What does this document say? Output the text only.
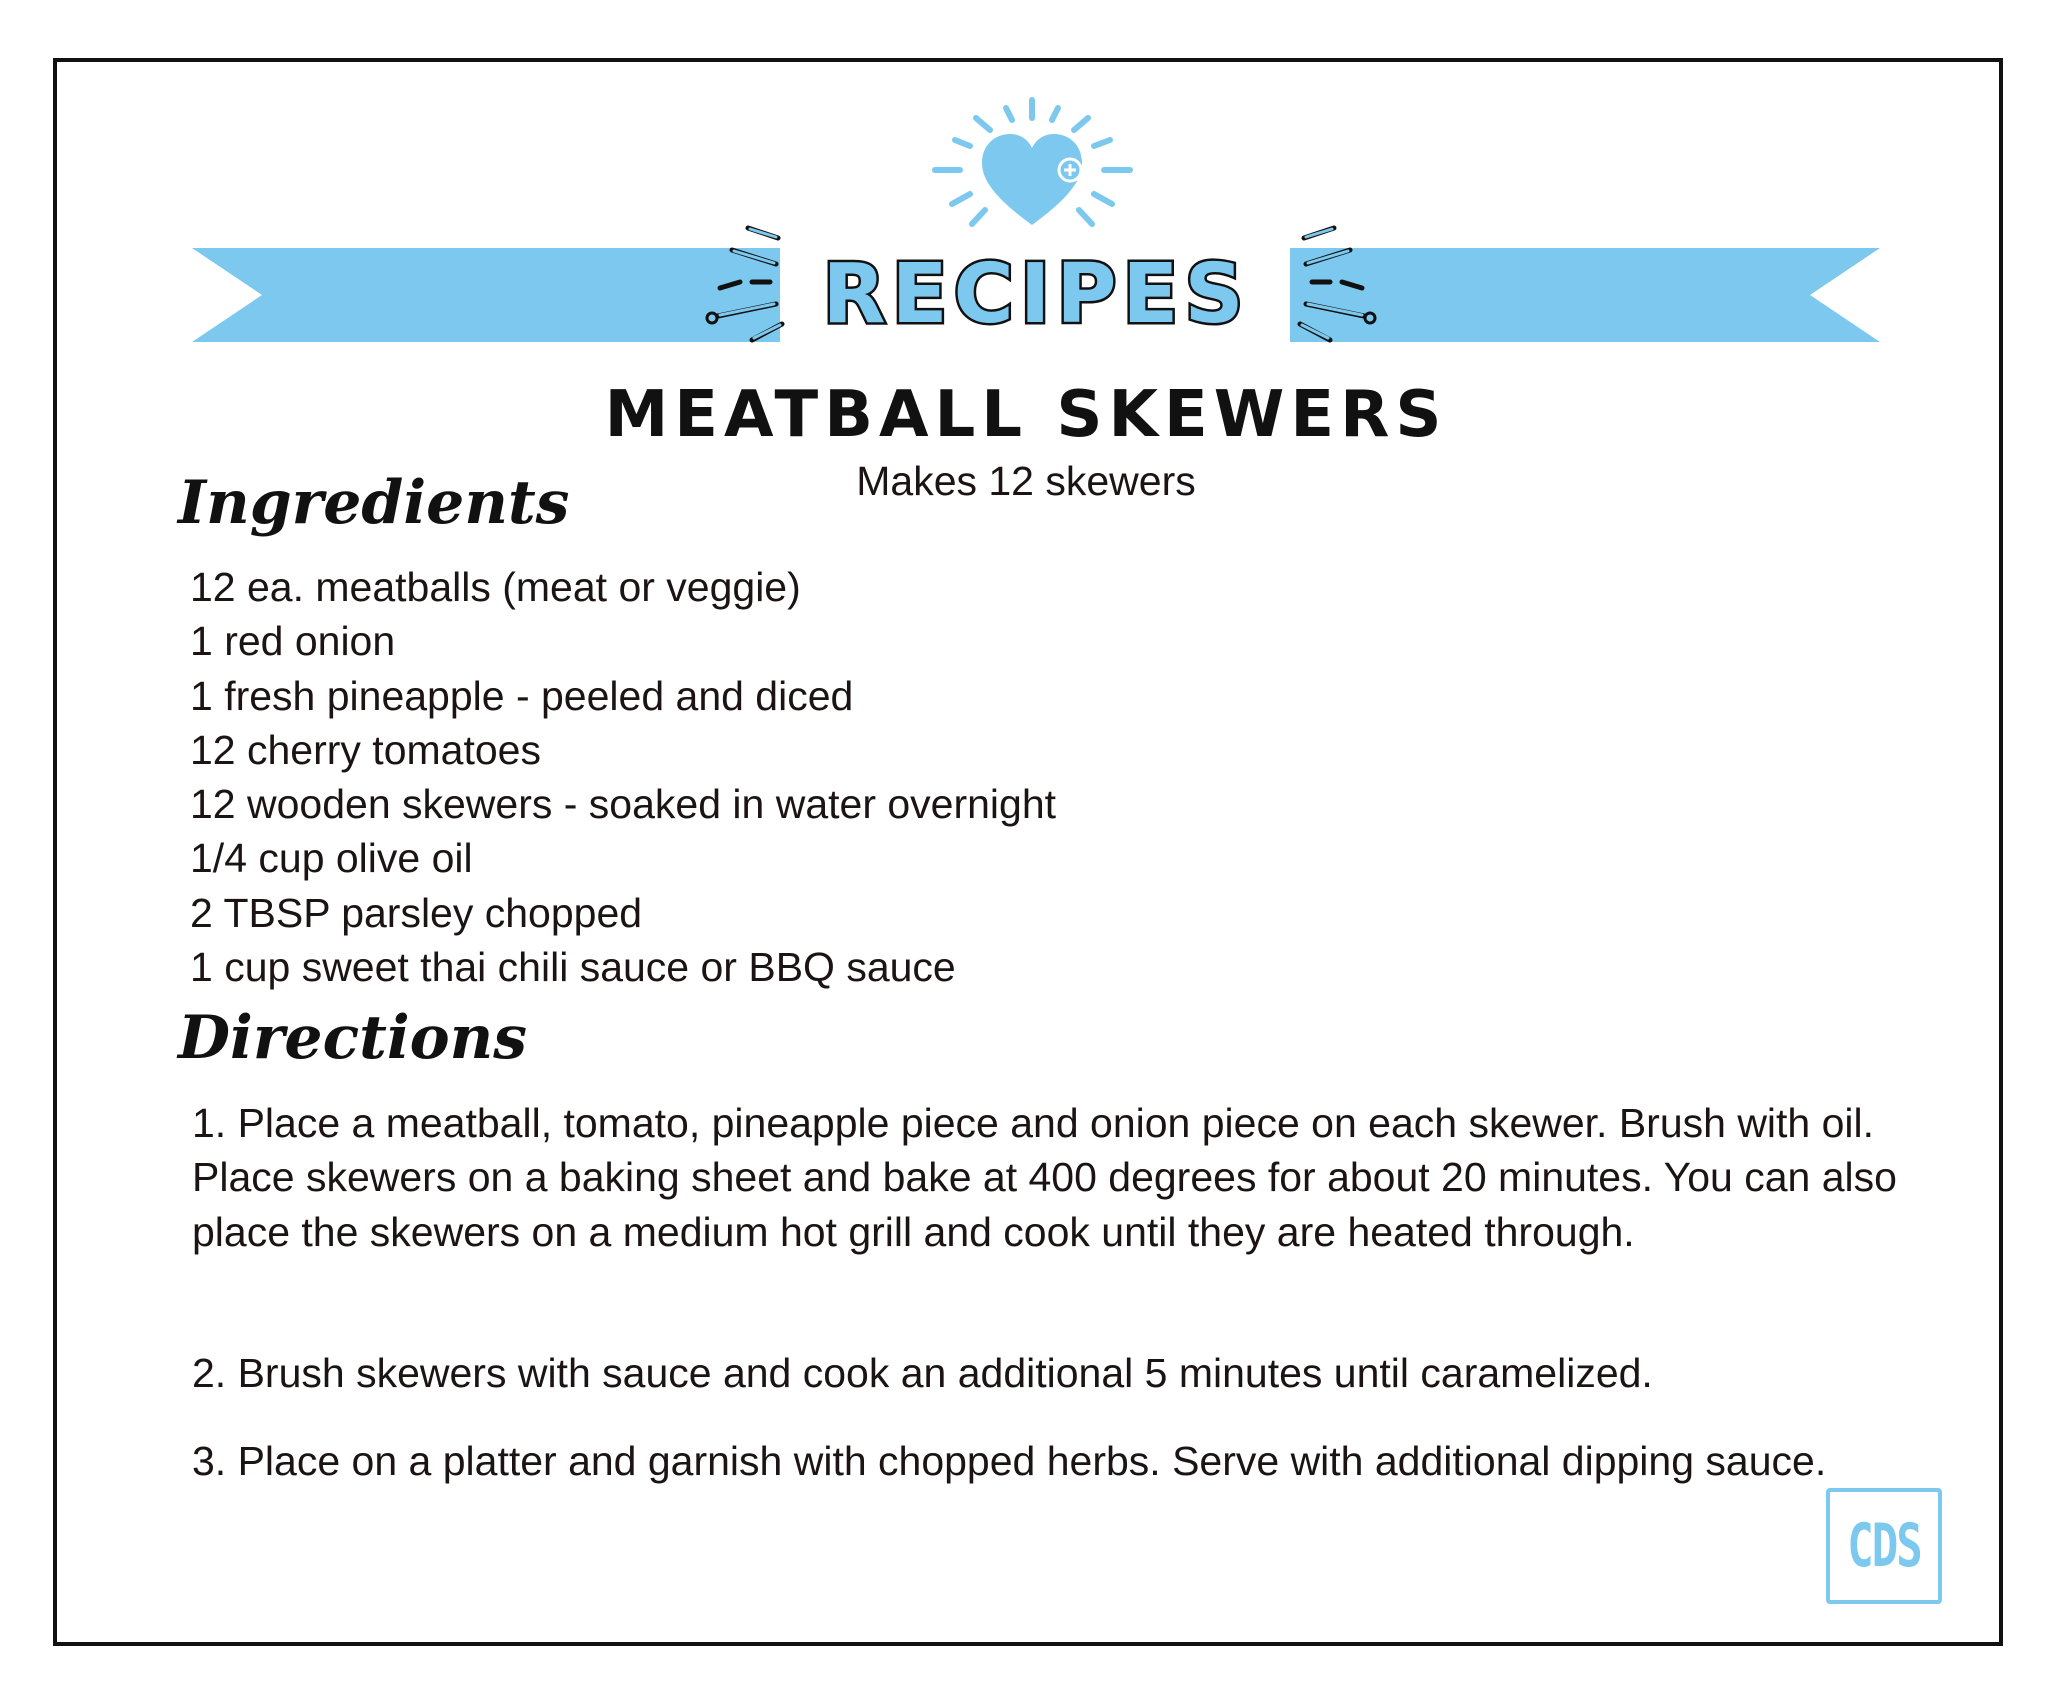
RECIPES
MEATBALL SKEWERS
Makes 12 skewers
Ingredients
12 ea. meatballs (meat or veggie)
1 red onion
1 fresh pineapple - peeled and diced
12 cherry tomatoes
12 wooden skewers - soaked in water overnight
1/4 cup olive oil
2 TBSP parsley chopped
1 cup sweet thai chili sauce or BBQ sauce
Directions

1. Place a meatball, tomato, pineapple piece and onion piece on each skewer. Brush with oil. Place skewers on a baking sheet and bake at 400 degrees for about 20 minutes. You can also place the skewers on a medium hot grill and cook until they are heated through.

2. Brush skewers with sauce and cook an additional 5 minutes until caramelized.

3. Place on a platter and garnish with chopped herbs. Serve with additional dipping sauce.

CDS
